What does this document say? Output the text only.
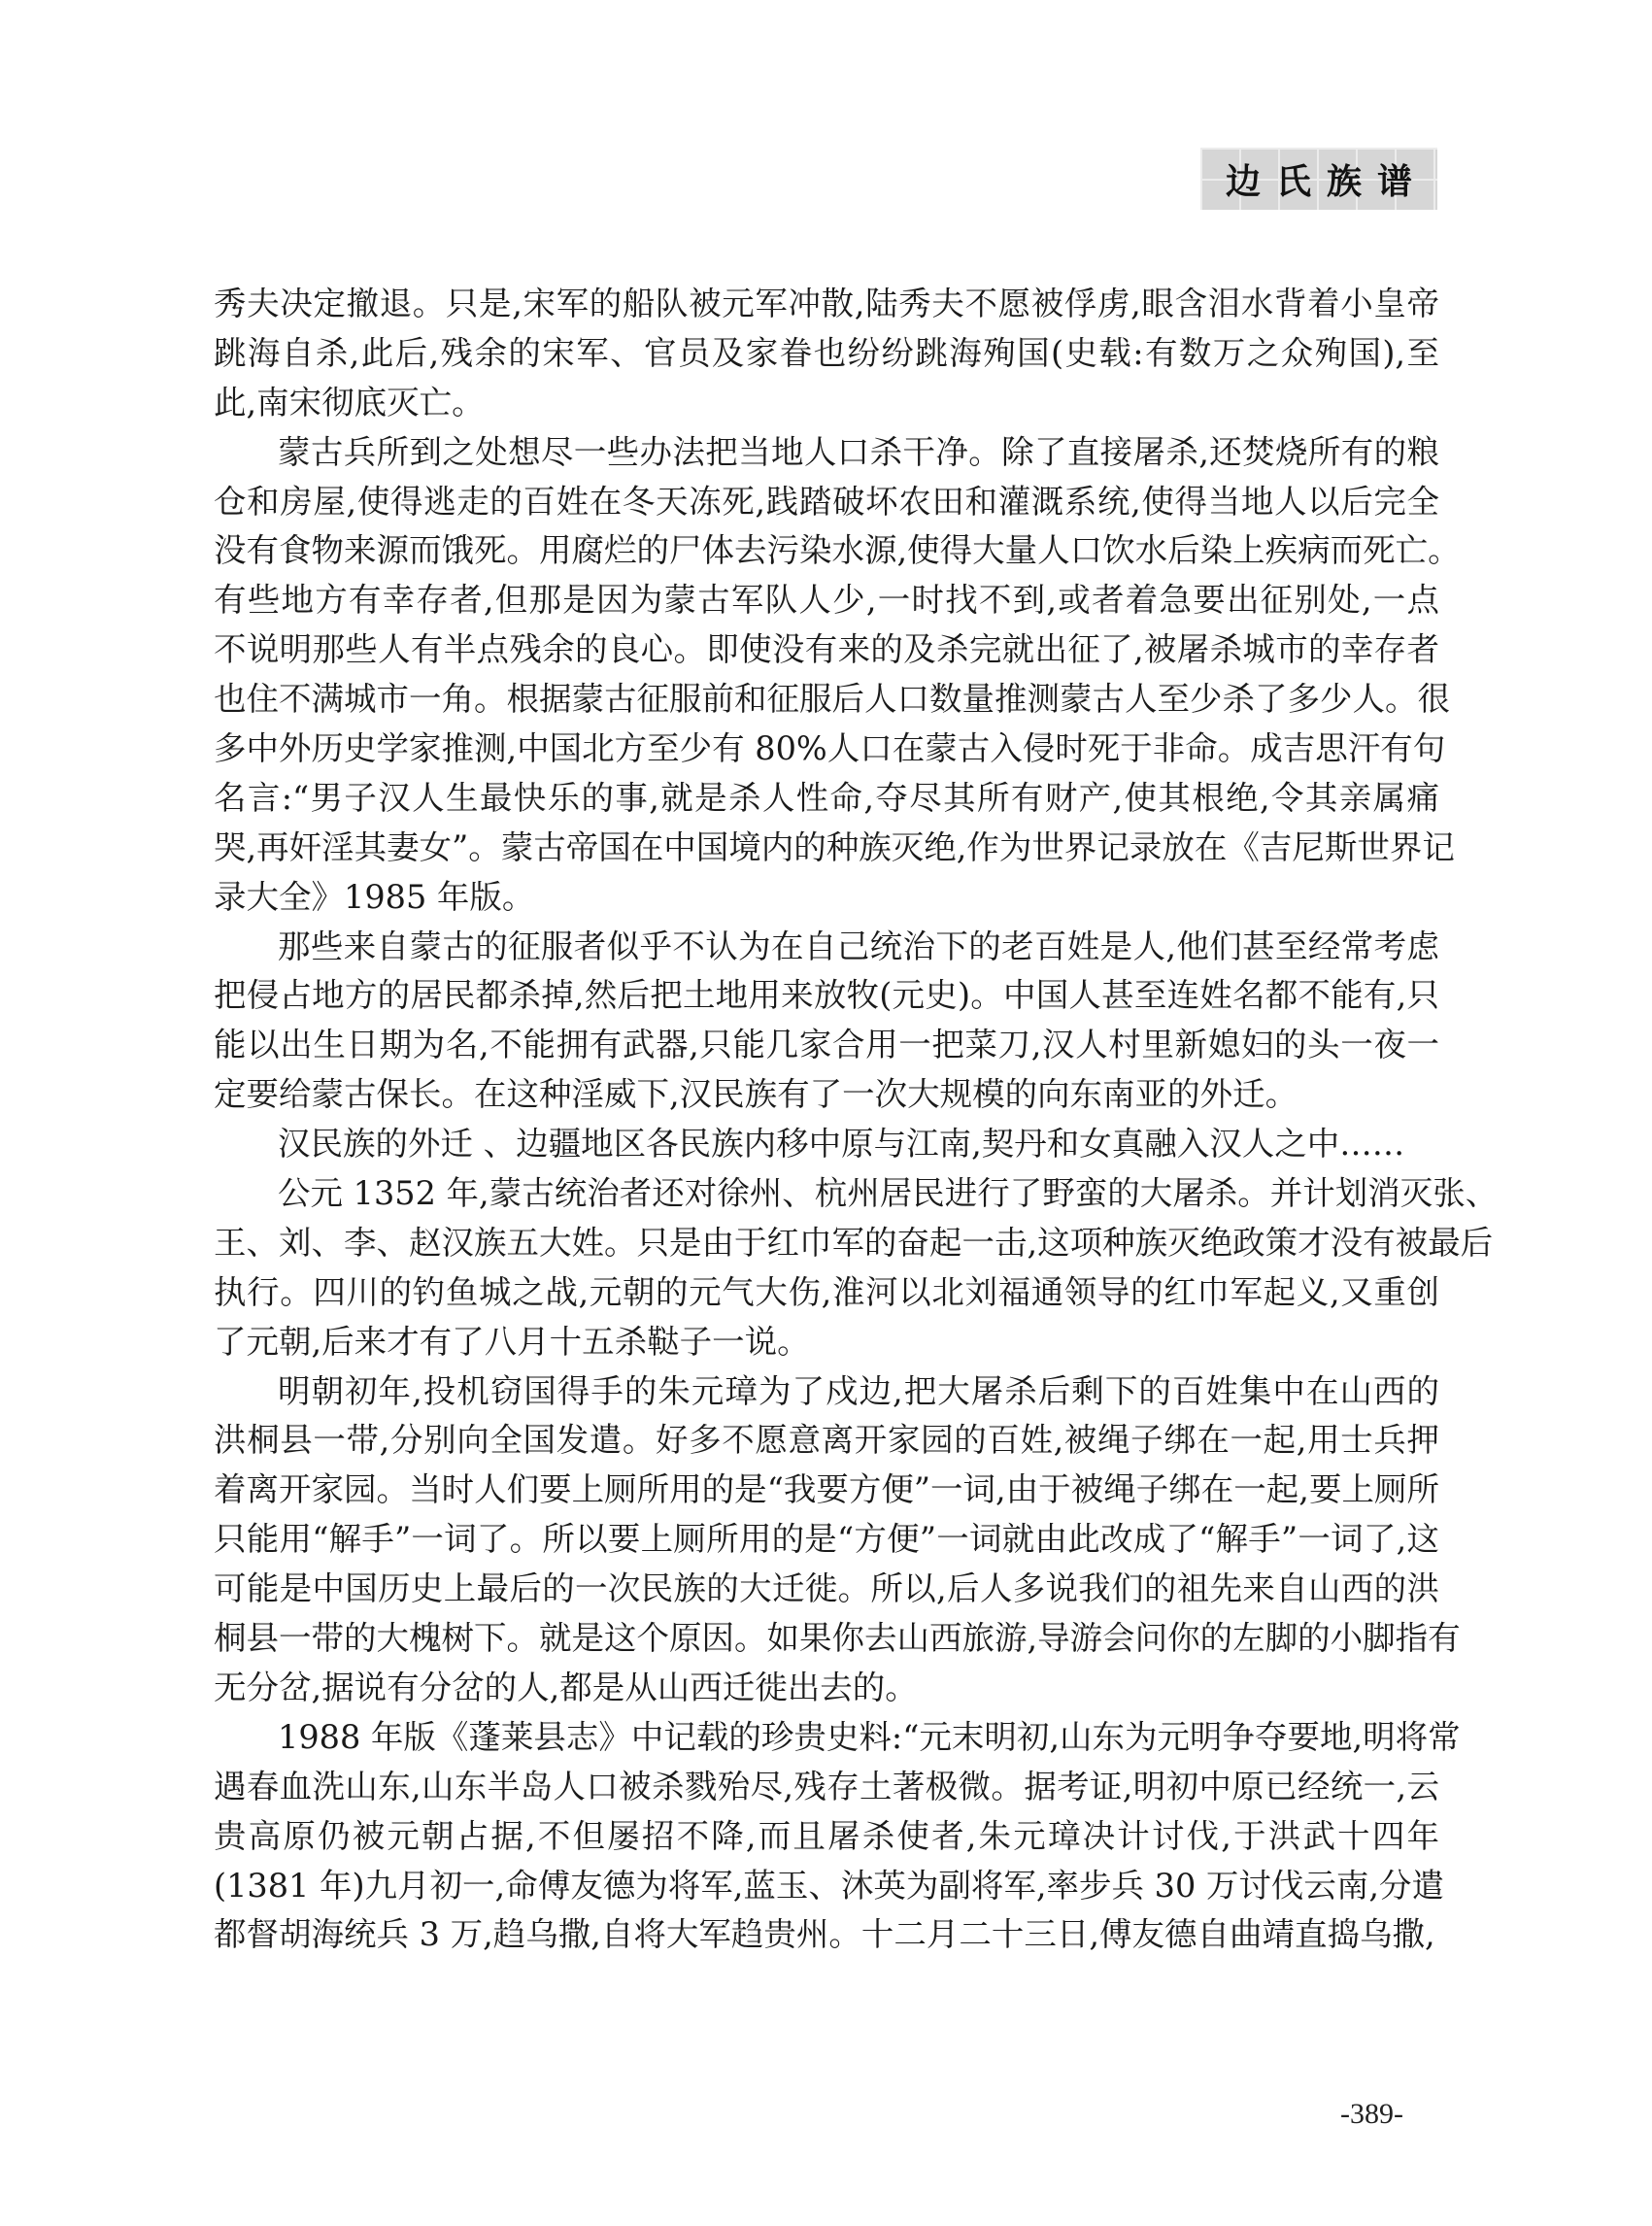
边氏族谱
秀夫决定撤退。只是,宋军的船队被元军冲散,陆秀夫不愿被俘虏,眼含泪水背着小皇帝
跳海自杀,此后,残余的宋军、官员及家眷也纷纷跳海殉国(史载:有数万之众殉国),至
此,南宋彻底灭亡。
蒙古兵所到之处想尽一些办法把当地人口杀干净。除了直接屠杀,还焚烧所有的粮
仓和房屋,使得逃走的百姓在冬天冻死,践踏破坏农田和灌溉系统,使得当地人以后完全
没有食物来源而饿死。用腐烂的尸体去污染水源,使得大量人口饮水后染上疾病而死亡。
有些地方有幸存者,但那是因为蒙古军队人少,一时找不到,或者着急要出征别处,一点
不说明那些人有半点残余的良心。即使没有来的及杀完就出征了,被屠杀城市的幸存者
也住不满城市一角。根据蒙古征服前和征服后人口数量推测蒙古人至少杀了多少人。很
多中外历史学家推测,中国北方至少有 80%人口在蒙古入侵时死于非命。成吉思汗有句
名言:“男子汉人生最快乐的事,就是杀人性命,夺尽其所有财产,使其根绝,令其亲属痛
哭,再奸淫其妻女”。蒙古帝国在中国境内的种族灭绝,作为世界记录放在《吉尼斯世界记
录大全》1985 年版。
那些来自蒙古的征服者似乎不认为在自己统治下的老百姓是人,他们甚至经常考虑
把侵占地方的居民都杀掉,然后把土地用来放牧(元史)。中国人甚至连姓名都不能有,只
能以出生日期为名,不能拥有武器,只能几家合用一把菜刀,汉人村里新媳妇的头一夜一
定要给蒙古保长。在这种淫威下,汉民族有了一次大规模的向东南亚的外迁。
汉民族的外迁 、边疆地区各民族内移中原与江南,契丹和女真融入汉人之中……
公元 1352 年,蒙古统治者还对徐州、杭州居民进行了野蛮的大屠杀。并计划消灭张、
王、刘、李、赵汉族五大姓。只是由于红巾军的奋起一击,这项种族灭绝政策才没有被最后
执行。四川的钓鱼城之战,元朝的元气大伤,淮河以北刘福通领导的红巾军起义,又重创
了元朝,后来才有了八月十五杀鞑子一说。
明朝初年,投机窃国得手的朱元璋为了戍边,把大屠杀后剩下的百姓集中在山西的
洪桐县一带,分别向全国发遣。好多不愿意离开家园的百姓,被绳子绑在一起,用士兵押
着离开家园。当时人们要上厕所用的是“我要方便”一词,由于被绳子绑在一起,要上厕所
只能用“解手”一词了。所以要上厕所用的是“方便”一词就由此改成了“解手”一词了,这
可能是中国历史上最后的一次民族的大迁徙。所以,后人多说我们的祖先来自山西的洪
桐县一带的大槐树下。就是这个原因。如果你去山西旅游,导游会问你的左脚的小脚指有
无分岔,据说有分岔的人,都是从山西迁徙出去的。
1988 年版《蓬莱县志》中记载的珍贵史料:“元末明初,山东为元明争夺要地,明将常
遇春血洗山东,山东半岛人口被杀戮殆尽,残存土著极微。据考证,明初中原已经统一,云
贵高原仍被元朝占据,不但屡招不降,而且屠杀使者,朱元璋决计讨伐,于洪武十四年
(1381 年)九月初一,命傅友德为将军,蓝玉、沐英为副将军,率步兵 30 万讨伐云南,分遣
都督胡海统兵 3 万,趋乌撒,自将大军趋贵州。十二月二十三日,傅友德自曲靖直捣乌撒,
-389-
